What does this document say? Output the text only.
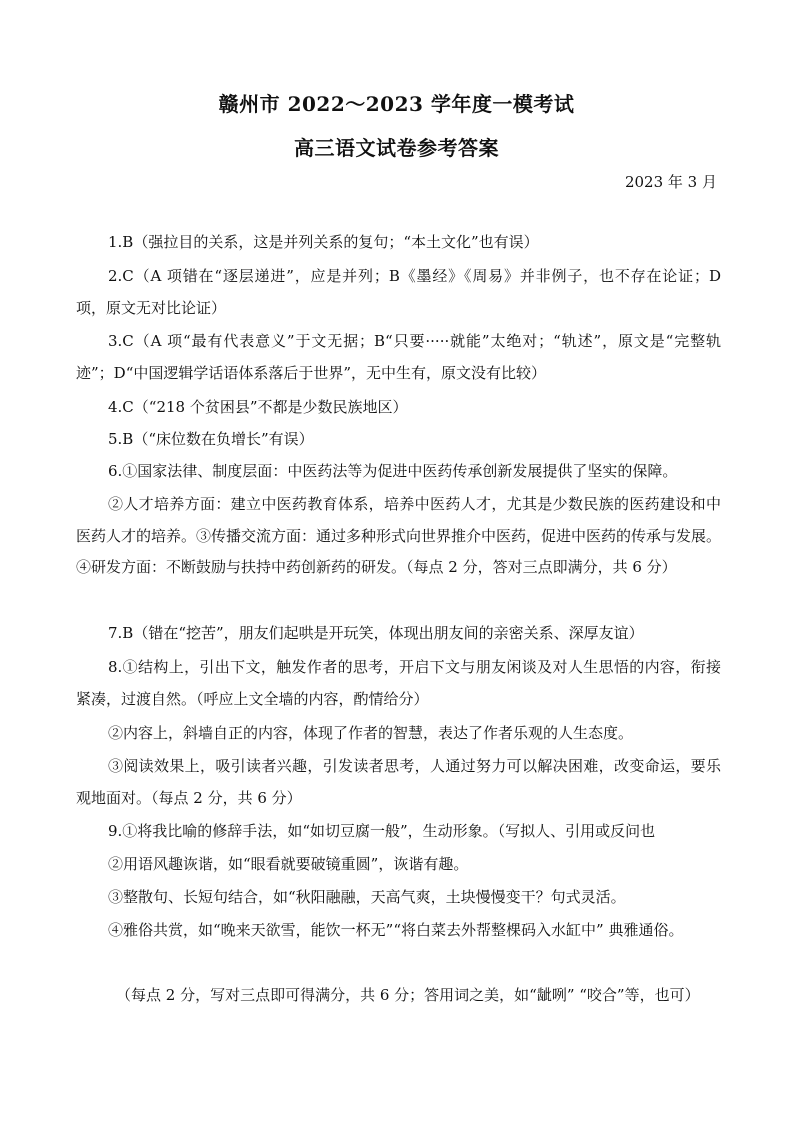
赣州市 2022～2023 学年度一模考试
高三语文试卷参考答案
2023 年 3 月

1.B（强拉目的关系，这是并列关系的复句；“本土文化”也有误）

2.C（A 项错在“逐层递进”，应是并列；B《墨经》《周易》并非例子，也不存在论证；D 项，原文无对比论证）

3.C（A 项“最有代表意义”于文无据；B“只要·····就能”太绝对；“轨述”，原文是“完整轨迹”；D“中国逻辑学话语体系落后于世界”，无中生有，原文没有比较）

4.C（“218 个贫困县”不都是少数民族地区）

5.B（“床位数在负增长”有误）

6.①国家法律、制度层面：中医药法等为促进中医药传承创新发展提供了坚实的保障。

②人才培养方面：建立中医药教育体系，培养中医药人才，尤其是少数民族的医药建设和中医药人才的培养。③传播交流方面：通过多种形式向世界推介中医药，促进中医药的传承与发展。④研发方面：不断鼓励与扶持中药创新药的研发。（每点 2 分，答对三点即满分，共 6 分）

7.B（错在“挖苦”，朋友们起哄是开玩笑，体现出朋友间的亲密关系、深厚友谊）

8.①结构上，引出下文，触发作者的思考，开启下文与朋友闲谈及对人生思悟的内容，衔接紧凑，过渡自然。（呼应上文全墙的内容，酌情给分）

②内容上，斜墙自正的内容，体现了作者的智慧，表达了作者乐观的人生态度。

③阅读效果上，吸引读者兴趣，引发读者思考，人通过努力可以解决困难，改变命运，要乐观地面对。（每点 2 分，共 6 分）

9.①将我比喻的修辞手法，如“如切豆腐一般”，生动形象。（写拟人、引用或反问也

②用语风趣诙谐，如“眼看就要破镜重圆”，诙谐有趣。

③整散句、长短句结合，如“秋阳融融，天高气爽，土块慢慢变干？句式灵活。

④雅俗共赏，如“晚来天欲雪，能饮一杯无”“将白菜去外帮整棵码入水缸中” 典雅通俗。

（每点 2 分，写对三点即可得满分，共 6 分；答用词之美，如“龇咧” “咬合”等，也可）
